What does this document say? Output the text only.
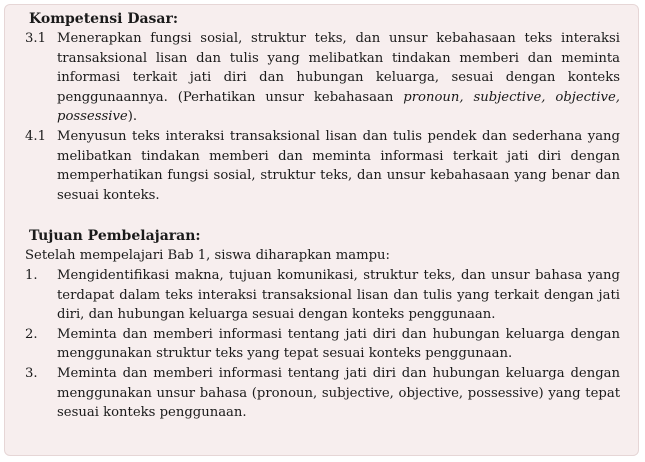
Kompetensi Dasar:
3.1 Menerapkan fungsi sosial, struktur teks, dan unsur kebahasaan teks interaksi transaksional lisan dan tulis yang melibatkan tindakan memberi dan meminta informasi terkait jati diri dan hubungan keluarga, sesuai dengan konteks penggunaannya. (Perhatikan unsur kebahasaan pronoun, subjective, objective, possessive).
4.1 Menyusun teks interaksi transaksional lisan dan tulis pendek dan sederhana yang melibatkan tindakan memberi dan meminta informasi terkait jati diri dengan memperhatikan fungsi sosial, struktur teks, dan unsur kebahasaan yang benar dan sesuai konteks.
Tujuan Pembelajaran:

Setelah mempelajari Bab 1, siswa diharapkan mampu:

1. Mengidentifikasi makna, tujuan komunikasi, struktur teks, dan unsur bahasa yang terdapat dalam teks interaksi transaksional lisan dan tulis yang terkait dengan jati diri, dan hubungan keluarga sesuai dengan konteks penggunaan.
2. Meminta dan memberi informasi tentang jati diri dan hubungan keluarga dengan menggunakan struktur teks yang tepat sesuai konteks penggunaan.
3. Meminta dan memberi informasi tentang jati diri dan hubungan keluarga dengan menggunakan unsur bahasa (pronoun, subjective, objective, possessive) yang tepat sesuai konteks penggunaan.
